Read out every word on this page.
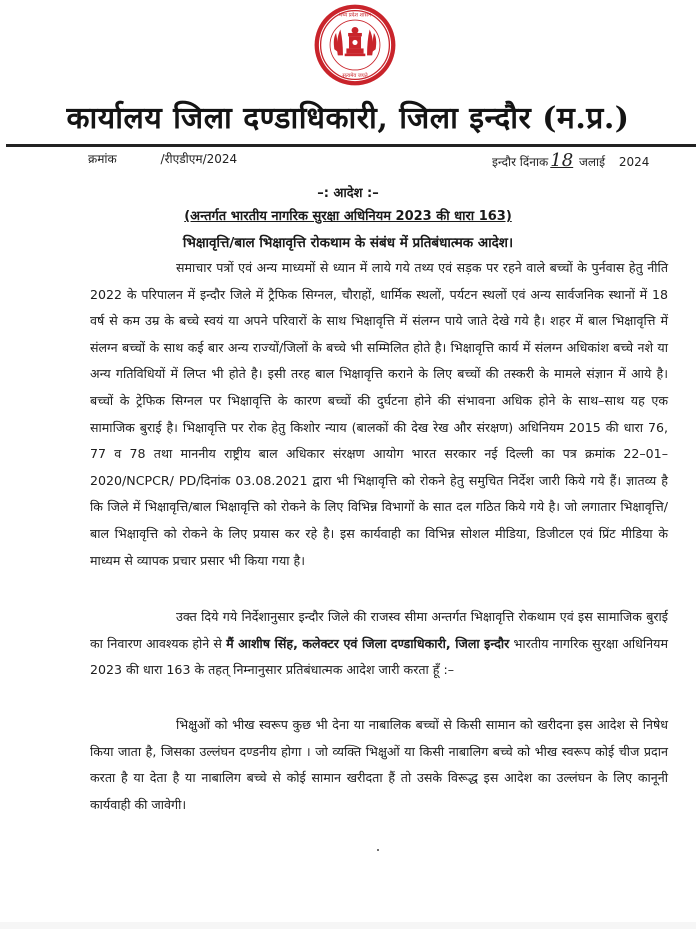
मध्य प्रदेश शासन
सत्यमेव जयते
कार्यालय जिला दण्डाधिकारी, जिला इन्दौर (म.प्र.)
क्रमांक	/रीएडीएम/2024	इन्दौर दिंनाक 18 जलाई 2024
–: आदेश :–
(अन्तर्गत भारतीय नागरिक सुरक्षा अधिनियम 2023 की धारा 163)
भिक्षावृत्ति/बाल भिक्षावृत्ति रोकथाम के संबंध में प्रतिबंधात्मक आदेश।
समाचार पत्रों एवं अन्य माध्यमों से ध्यान में लाये गये तथ्य एवं सड़क पर रहने वाले बच्चों के पुर्नवास हेतु नीति 2022 के परिपालन में इन्दौर जिले में ट्रैफिक सिग्नल, चौराहों, धार्मिक स्थलों, पर्यटन स्थलों एवं अन्य सार्वजनिक स्थानों में 18 वर्ष से कम उम्र के बच्चे स्वयं या अपने परिवारों के साथ भिक्षावृत्ति में संलग्न पाये जाते देखे गये है। शहर में बाल भिक्षावृत्ति में संलग्न बच्चों के साथ कई बार अन्य राज्यों/जिलों के बच्चे भी सम्मिलित होते है। भिक्षावृत्ति कार्य में संलग्न अधिकांश बच्चे नशे या अन्य गतिविधियों में लिप्त भी होते है। इसी तरह बाल भिक्षावृत्ति कराने के लिए बच्चों की तस्करी के मामले संज्ञान में आये है। बच्चों के ट्रेफिक सिग्नल पर भिक्षावृत्ति के कारण बच्चों की दुर्घटना होने की संभावना अधिक होने के साथ–साथ यह एक सामाजिक बुराई है। भिक्षावृत्ति पर रोक हेतु किशोर न्याय (बालकों की देख रेख और संरक्षण) अधिनियम 2015 की धारा 76, 77 व 78 तथा माननीय राष्ट्रीय बाल अधिकार संरक्षण आयोग भारत सरकार नई दिल्ली का पत्र क्रमांक 22–01–2020/NCPCR/ PD/दिनांक 03.08.2021 द्वारा भी भिक्षावृत्ति को रोकने हेतु समुचित निर्देश जारी किये गये हैं। ज्ञातव्य है कि जिले में भिक्षावृत्ति/बाल भिक्षावृत्ति को रोकने के लिए विभिन्न विभागों के सात दल गठित किये गये है। जो लगातार भिक्षावृत्ति/बाल भिक्षावृत्ति को रोकने के लिए प्रयास कर रहे है। इस कार्यवाही का विभिन्न सोशल मीडिया, डिजीटल एवं प्रिंट मीडिया के माध्यम से व्यापक प्रचार प्रसार भी किया गया है।
उक्त दिये गये निर्देशानुसार इन्दौर जिले की राजस्व सीमा अन्तर्गत भिक्षावृत्ति रोकथाम एवं इस सामाजिक बुराई का निवारण आवश्यक होने से मैं आशीष सिंह, कलेक्टर एवं जिला दण्डाधिकारी, जिला इन्दौर भारतीय नागरिक सुरक्षा अधिनियम 2023 की धारा 163 के तहत् निम्नानुसार प्रतिबंधात्मक आदेश जारी करता हूँ :–
भिक्षुओं को भीख स्वरूप कुछ भी देना या नाबालिक बच्चों से किसी सामान को खरीदना इस आदेश से निषेध किया जाता है, जिसका उल्लंघन दण्डनीय होगा । जो व्यक्ति भिक्षुओं या किसी नाबालिग बच्चे को भीख स्वरूप कोई चीज प्रदान करता है या देता है या नाबालिग बच्चे से कोई सामान खरीदता हैं तो उसके विरूद्ध इस आदेश का उल्लंघन के लिए कानूनी कार्यवाही की जावेगी।
